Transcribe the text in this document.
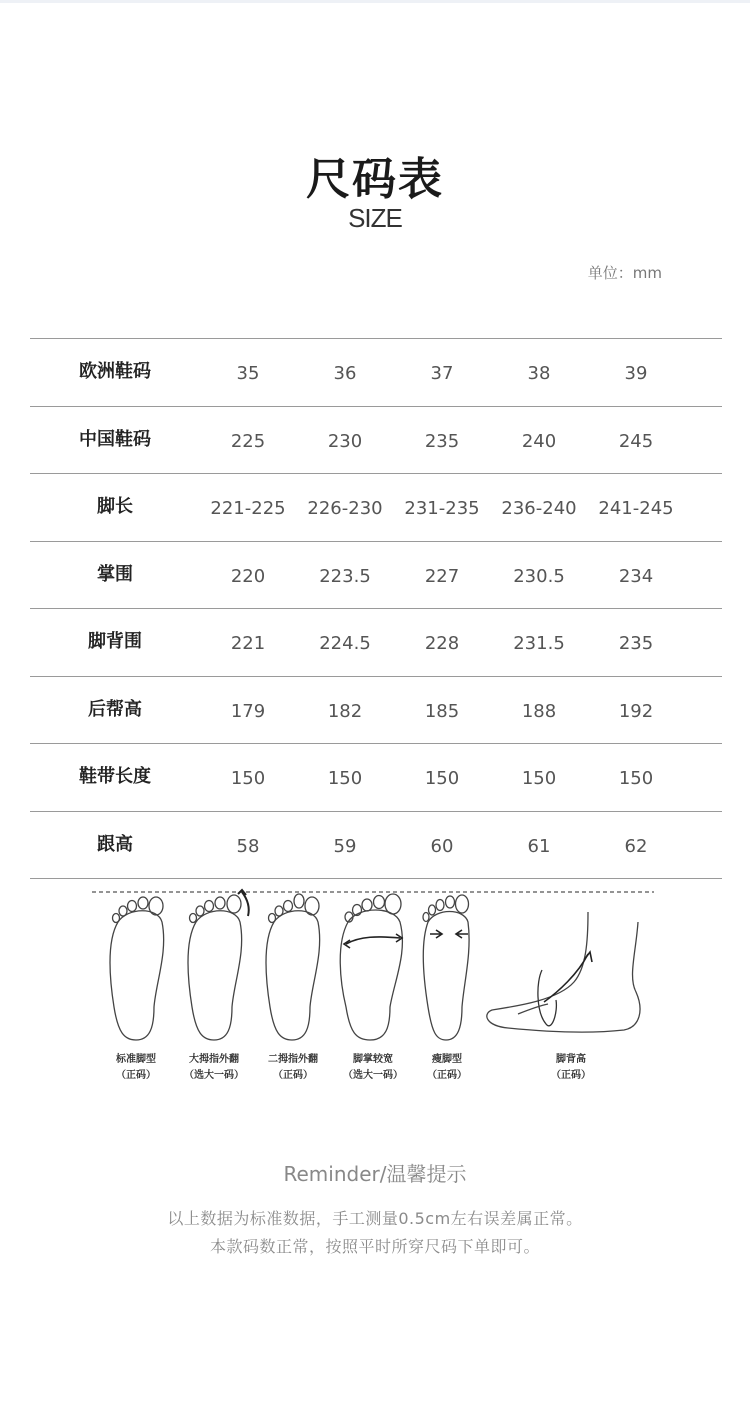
尺码表
SIZE
单位：mm
欧洲鞋码	35	36	37	38	39
中国鞋码	225	230	235	240	245
脚长	221-225	226-230	231-235	236-240	241-245
掌围	220	223.5	227	230.5	234
脚背围	221	224.5	228	231.5	235
后帮高	179	182	185	188	192
鞋带长度	150	150	150	150	150
跟高	58	59	60	61	62
标准脚型
（正码）
大拇指外翻
（选大一码）
二拇指外翻
（正码）
脚掌较宽
（选大一码）
瘦脚型
（正码）
脚背高
（正码）
Reminder/温馨提示
以上数据为标准数据，手工测量0.5cm左右误差属正常。
本款码数正常，按照平时所穿尺码下单即可。
